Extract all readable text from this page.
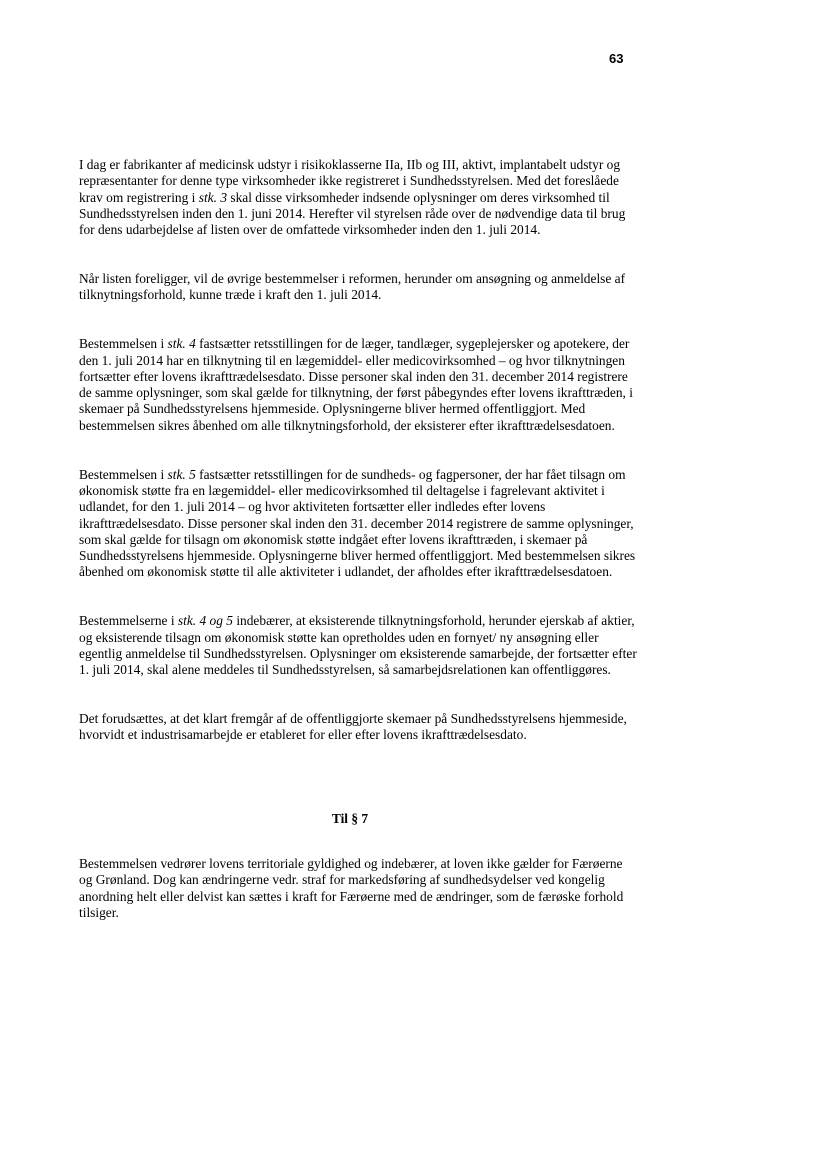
63

I dag er fabrikanter af medicinsk udstyr i risikoklasserne IIa, IIb og III, aktivt, implantabelt udstyr og repræsentanter for denne type virksomheder ikke registreret i Sundhedsstyrelsen. Med det foreslåede krav om registrering i stk. 3 skal disse virksomheder indsende oplysninger om deres virksomhed til Sundhedsstyrelsen inden den 1. juni 2014. Herefter vil styrelsen råde over de nødvendige data til brug for dens udarbejdelse af listen over de omfattede virksomheder inden den 1. juli 2014.

Når listen foreligger, vil de øvrige bestemmelser i reformen, herunder om ansøgning og anmeldelse af tilknytningsforhold, kunne træde i kraft den 1. juli 2014.

Bestemmelsen i stk. 4 fastsætter retsstillingen for de læger, tandlæger, sygeplejersker og apotekere, der den 1. juli 2014 har en tilknytning til en lægemiddel- eller medicovirksomhed – og hvor tilknytningen fortsætter efter lovens ikrafttrædelsesdato. Disse personer skal inden den 31. december 2014 registrere de samme oplysninger, som skal gælde for tilknytning, der først påbegyndes efter lovens ikrafttræden, i skemaer på Sundhedsstyrelsens hjemmeside. Oplysningerne bliver hermed offentliggjort. Med bestemmelsen sikres åbenhed om alle tilknytningsforhold, der eksisterer efter ikrafttrædelsesdatoen.

Bestemmelsen i stk. 5 fastsætter retsstillingen for de sundheds- og fagpersoner, der har fået tilsagn om økonomisk støtte fra en lægemiddel- eller medicovirksomhed til deltagelse i fagrelevant aktivitet i udlandet, for den 1. juli 2014 – og hvor aktiviteten fortsætter eller indledes efter lovens ikrafttrædelsesdato. Disse personer skal inden den 31. december 2014 registrere de samme oplysninger, som skal gælde for tilsagn om økonomisk støtte indgået efter lovens ikrafttræden, i skemaer på Sundhedsstyrelsens hjemmeside. Oplysningerne bliver hermed offentliggjort. Med bestemmelsen sikres åbenhed om økonomisk støtte til alle aktiviteter i udlandet, der afholdes efter ikrafttrædelsesdatoen.

Bestemmelserne i stk. 4 og 5 indebærer, at eksisterende tilknytningsforhold, herunder ejerskab af aktier, og eksisterende tilsagn om økonomisk støtte kan opretholdes uden en fornyet/ ny ansøgning eller egentlig anmeldelse til Sundhedsstyrelsen. Oplysninger om eksisterende samarbejde, der fortsætter efter 1. juli 2014, skal alene meddeles til Sundhedsstyrelsen, så samarbejdsrelationen kan offentliggøres.

Det forudsættes, at det klart fremgår af de offentliggjorte skemaer på Sundhedsstyrelsens hjemmeside, hvorvidt et industrisamarbejde er etableret for eller efter lovens ikrafttrædelsesdato.

Til § 7
Bestemmelsen vedrører lovens territoriale gyldighed og indebærer, at loven ikke gælder for Færøerne og Grønland. Dog kan ændringerne vedr. straf for markedsføring af sundhedsydelser ved kongelig anordning helt eller delvist kan sættes i kraft for Færøerne med de ændringer, som de færøske forhold tilsiger.
